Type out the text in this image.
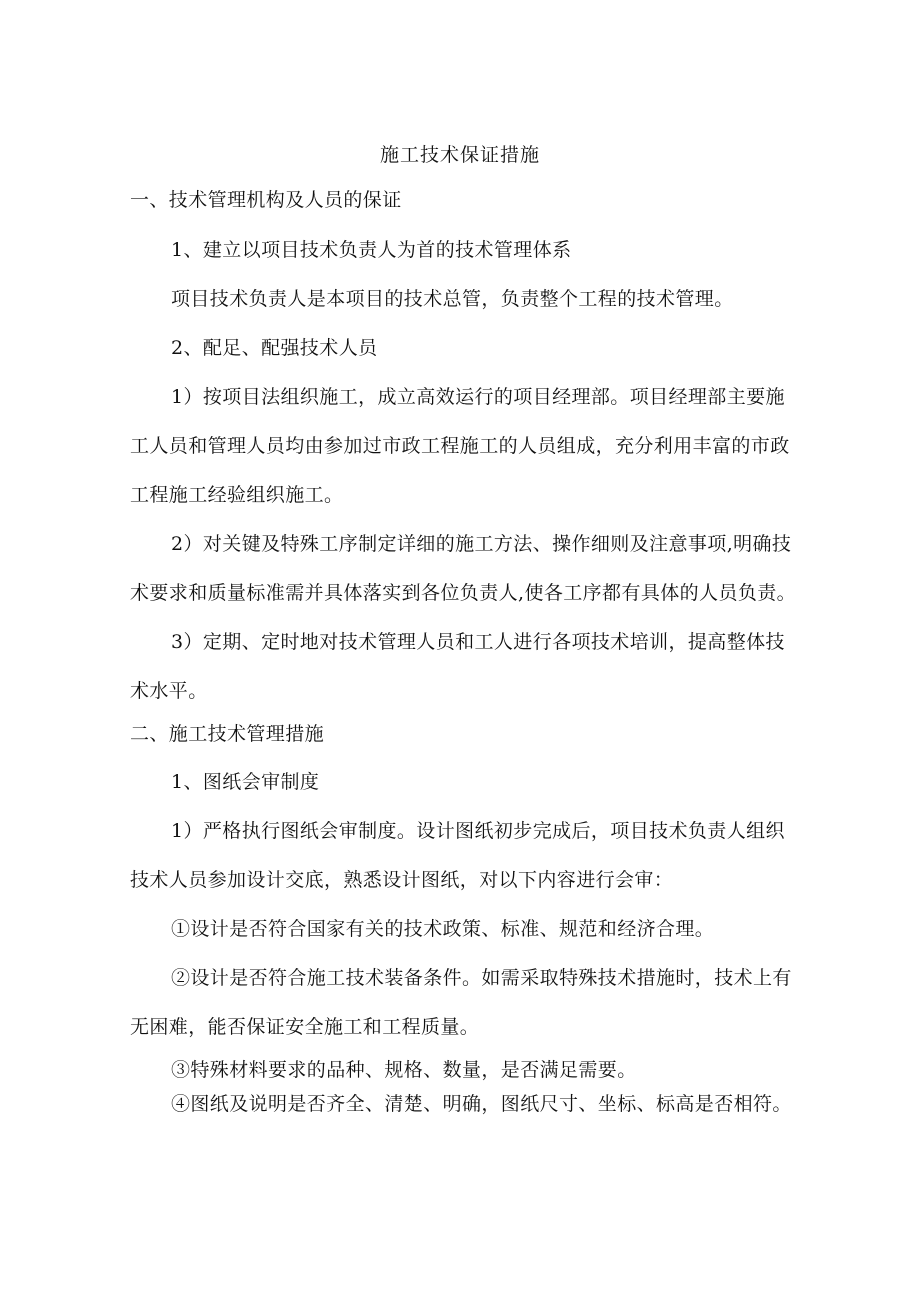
施工技术保证措施
一、技术管理机构及人员的保证
1、建立以项目技术负责人为首的技术管理体系
项目技术负责人是本项目的技术总管，负责整个工程的技术管理。
2、配足、配强技术人员
1）按项目法组织施工，成立高效运行的项目经理部。项目经理部主要施
工人员和管理人员均由参加过市政工程施工的人员组成，充分利用丰富的市政
工程施工经验组织施工。
2）对关键及特殊工序制定详细的施工方法、操作细则及注意事项,明确技
术要求和质量标准需并具体落实到各位负责人,使各工序都有具体的人员负责。
3）定期、定时地对技术管理人员和工人进行各项技术培训，提高整体技
术水平。
二、施工技术管理措施
1、图纸会审制度
1）严格执行图纸会审制度。设计图纸初步完成后，项目技术负责人组织
技术人员参加设计交底，熟悉设计图纸，对以下内容进行会审：
①设计是否符合国家有关的技术政策、标准、规范和经济合理。
②设计是否符合施工技术装备条件。如需采取特殊技术措施时，技术上有
无困难，能否保证安全施工和工程质量。
③特殊材料要求的品种、规格、数量，是否满足需要。
④图纸及说明是否齐全、清楚、明确，图纸尺寸、坐标、标高是否相符。
